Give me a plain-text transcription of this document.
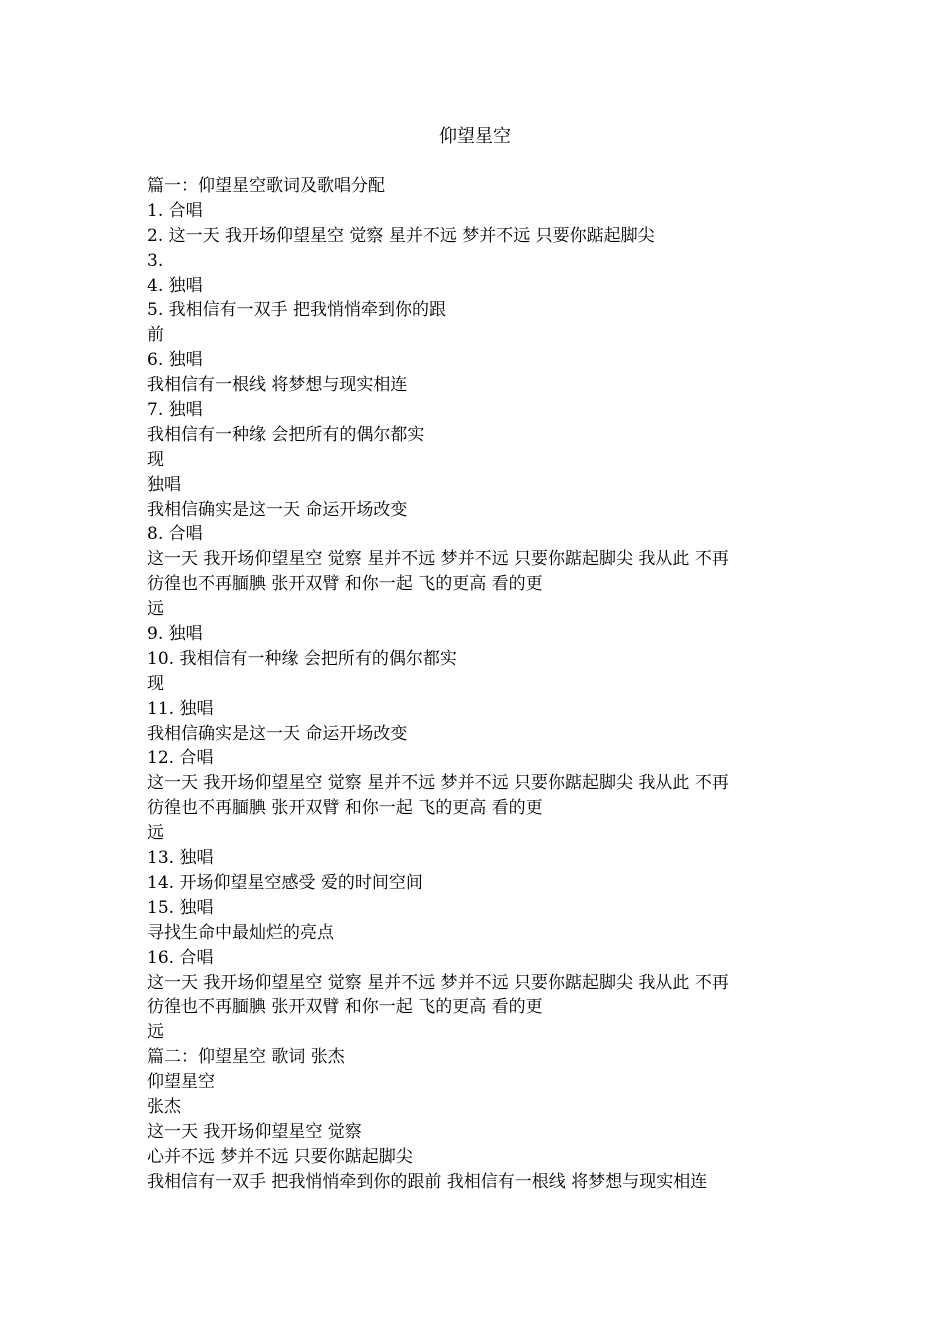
仰望星空
篇一：仰望星空歌词及歌唱分配
1. 合唱
2. 这一天 我开场仰望星空 觉察 星并不远 梦并不远 只要你踮起脚尖
3.
4. 独唱
5. 我相信有一双手 把我悄悄牵到你的跟
前
6. 独唱
我相信有一根线 将梦想与现实相连
7. 独唱
我相信有一种缘 会把所有的偶尔都实
现
独唱
我相信确实是这一天 命运开场改变
8. 合唱
这一天 我开场仰望星空 觉察 星并不远 梦并不远 只要你踮起脚尖 我从此 不再
彷徨也不再腼腆 张开双臂 和你一起 飞的更高 看的更
远
9. 独唱
10. 我相信有一种缘 会把所有的偶尔都实
现
11. 独唱
我相信确实是这一天 命运开场改变
12. 合唱
这一天 我开场仰望星空 觉察 星并不远 梦并不远 只要你踮起脚尖 我从此 不再
彷徨也不再腼腆 张开双臂 和你一起 飞的更高 看的更
远
13. 独唱
14. 开场仰望星空感受 爱的时间空间
15. 独唱
寻找生命中最灿烂的亮点
16. 合唱
这一天 我开场仰望星空 觉察 星并不远 梦并不远 只要你踮起脚尖 我从此 不再
彷徨也不再腼腆 张开双臂 和你一起 飞的更高 看的更
远
篇二：仰望星空 歌词 张杰
仰望星空
张杰
这一天 我开场仰望星空 觉察
心并不远 梦并不远 只要你踮起脚尖
我相信有一双手 把我悄悄牵到你的跟前 我相信有一根线 将梦想与现实相连
